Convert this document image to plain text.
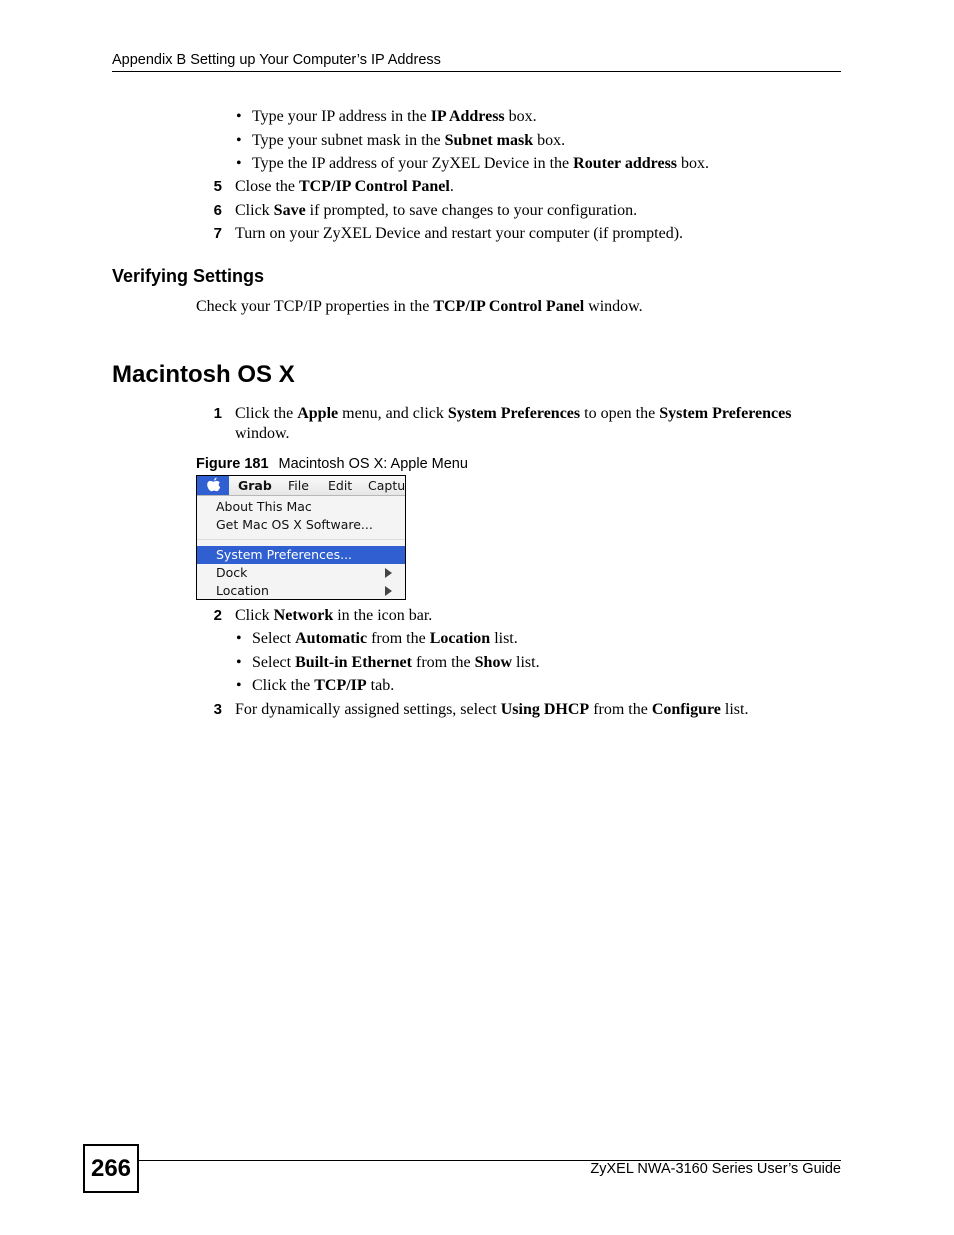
Appendix B Setting up Your Computer’s IP Address
• Type your IP address in the IP Address box.
• Type your subnet mask in the Subnet mask box.
• Type the IP address of your ZyXEL Device in the Router address box.
5 Close the TCP/IP Control Panel.
6 Click Save if prompted, to save changes to your configuration.
7 Turn on your ZyXEL Device and restart your computer (if prompted).
Verifying Settings
Check your TCP/IP properties in the TCP/IP Control Panel window.
Macintosh OS X
1 Click the Apple menu, and click System Preferences to open the System Preferences
window.
Figure 181 Macintosh OS X: Apple Menu
Grab File Edit Captu
About This Mac
Get Mac OS X Software...
System Preferences...
Dock
Location
2 Click Network in the icon bar.
• Select Automatic from the Location list.
• Select Built-in Ethernet from the Show list.
• Click the TCP/IP tab.
3 For dynamically assigned settings, select Using DHCP from the Configure list.
266	ZyXEL NWA-3160 Series User’s Guide
